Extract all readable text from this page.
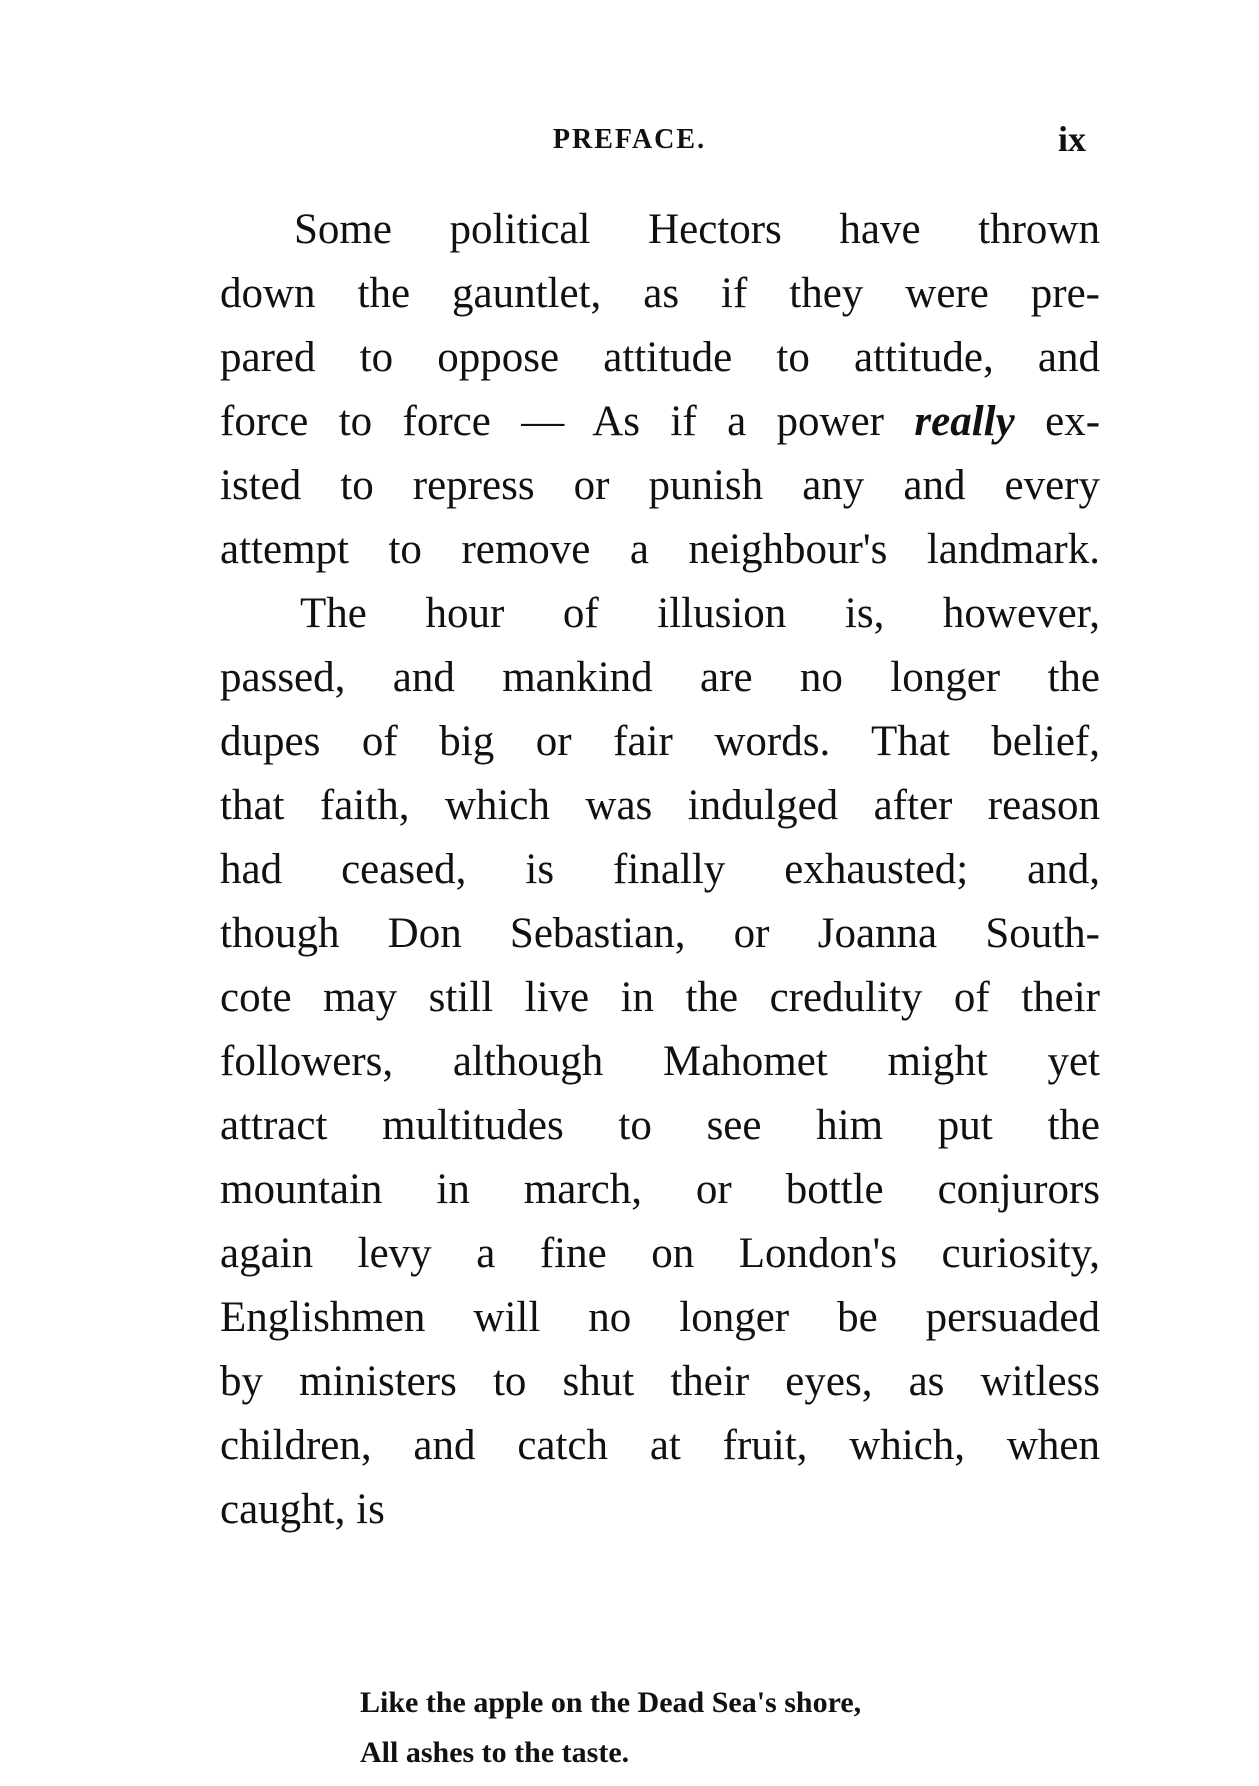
PREFACE.	ix
Some political Hectors have thrown
down the gauntlet, as if they were pre-
pared to oppose attitude to attitude, and
force to force — As if a power really ex-
isted to repress or punish any and every
attempt to remove a neighbour's landmark.
The hour of illusion is, however,
passed, and mankind are no longer the
dupes of big or fair words. That belief,
that faith, which was indulged after reason
had ceased, is finally exhausted; and,
though Don Sebastian, or Joanna South-
cote may still live in the credulity of their
followers, although Mahomet might yet
attract multitudes to see him put the
mountain in march, or bottle conjurors
again levy a fine on London's curiosity,
Englishmen will no longer be persuaded
by ministers to shut their eyes, as witless
children, and catch at fruit, which, when
caught, is
Like the apple on the Dead Sea's shore,
All ashes to the taste.
